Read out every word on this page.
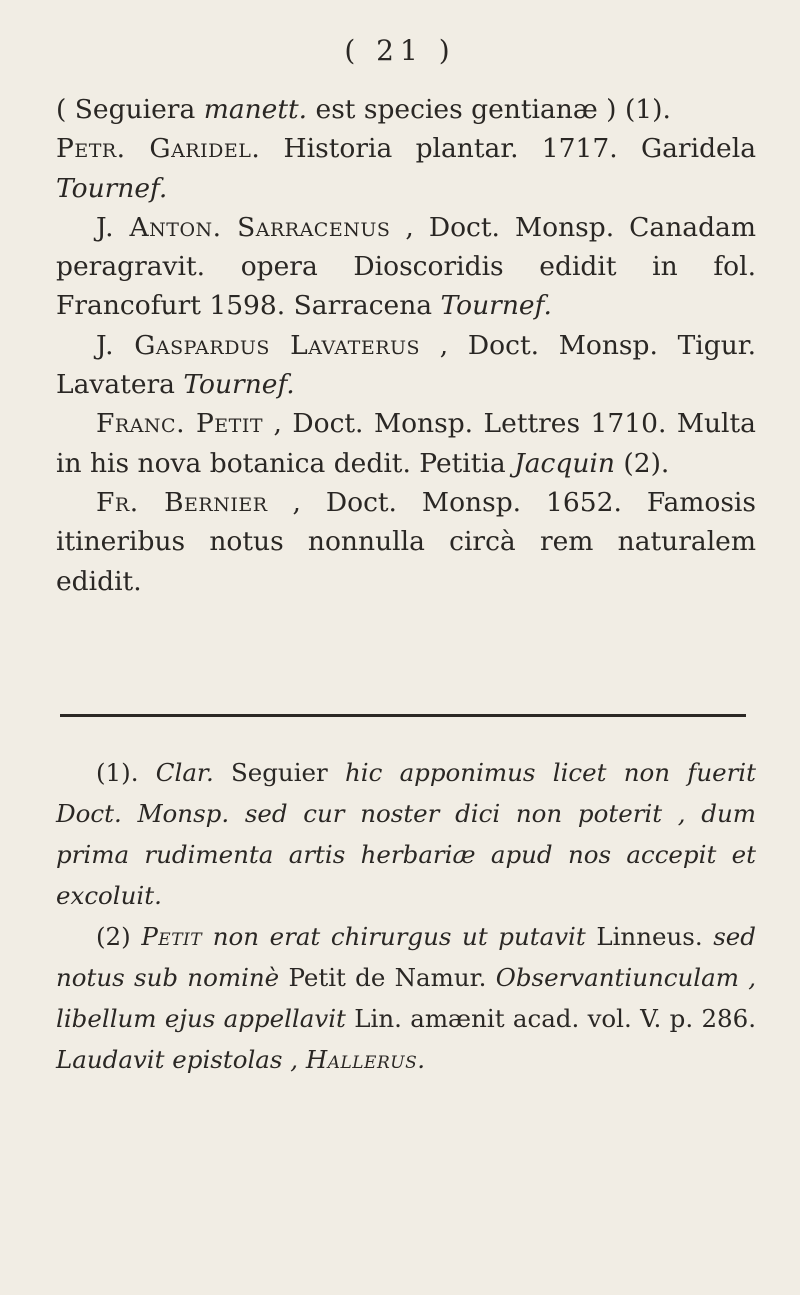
( 21 )

( Seguiera manett. est species gentianæ ) (1).

Petr. Garidel. Historia plantar. 1717. Garidela Tournef.

J. Anton. Sarracenus , Doct. Monsp. Canadam peragravit. opera Dioscoridis edidit in fol. Francofurt 1598. Sarracena Tournef.

J. Gaspardus Lavaterus , Doct. Monsp. Tigur. Lavatera Tournef.

Franc. Petit , Doct. Monsp. Lettres 1710. Multa in his nova botanica dedit. Petitia Jacquin (2).

Fr. Bernier , Doct. Monsp. 1652. Famosis itineribus notus nonnulla circà rem naturalem edidit.

(1). Clar. Seguier hic apponimus licet non fuerit Doct. Monsp. sed cur noster dici non poterit , dum prima rudimenta artis herbariæ apud nos accepit et excoluit.

(2) Petit non erat chirurgus ut putavit Linneus. sed notus sub nominè Petit de Namur. Observantiunculam , libellum ejus appellavit Lin. amænit acad. vol. V. p. 286. Laudavit epistolas , Hallerus.
